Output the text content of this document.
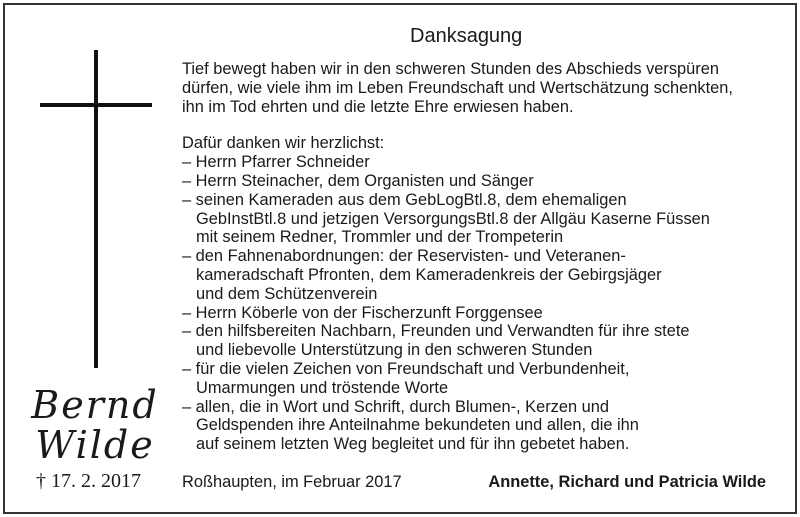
Bernd
Wilde
† 17. 2. 2017
Danksagung
Tief bewegt haben wir in den schweren Stunden des Abschieds verspüren
dürfen, wie viele ihm im Leben Freundschaft und Wertschätzung schenkten,
ihn im Tod ehrten und die letzte Ehre erwiesen haben.
Dafür danken wir herzlichst:
– Herrn Pfarrer Schneider
– Herrn Steinacher, dem Organisten und Sänger
– seinen Kameraden aus dem GebLogBtl.8, dem ehemaligen
GebInstBtl.8 und jetzigen VersorgungsBtl.8 der Allgäu Kaserne Füssen
mit seinem Redner, Trommler und der Trompeterin
– den Fahnenabordnungen: der Reservisten- und Veteranen-
kameradschaft Pfronten, dem Kameradenkreis der Gebirgsjäger
und dem Schützenverein
– Herrn Köberle von der Fischerzunft Forggensee
– den hilfsbereiten Nachbarn, Freunden und Verwandten für ihre stete
und liebevolle Unterstützung in den schweren Stunden
– für die vielen Zeichen von Freundschaft und Verbundenheit,
Umarmungen und tröstende Worte
– allen, die in Wort und Schrift, durch Blumen-, Kerzen und
Geldspenden ihre Anteilnahme bekundeten und allen, die ihn
auf seinem letzten Weg begleitet und für ihn gebetet haben.
Roßhaupten, im Februar 2017	Annette, Richard und Patricia Wilde
